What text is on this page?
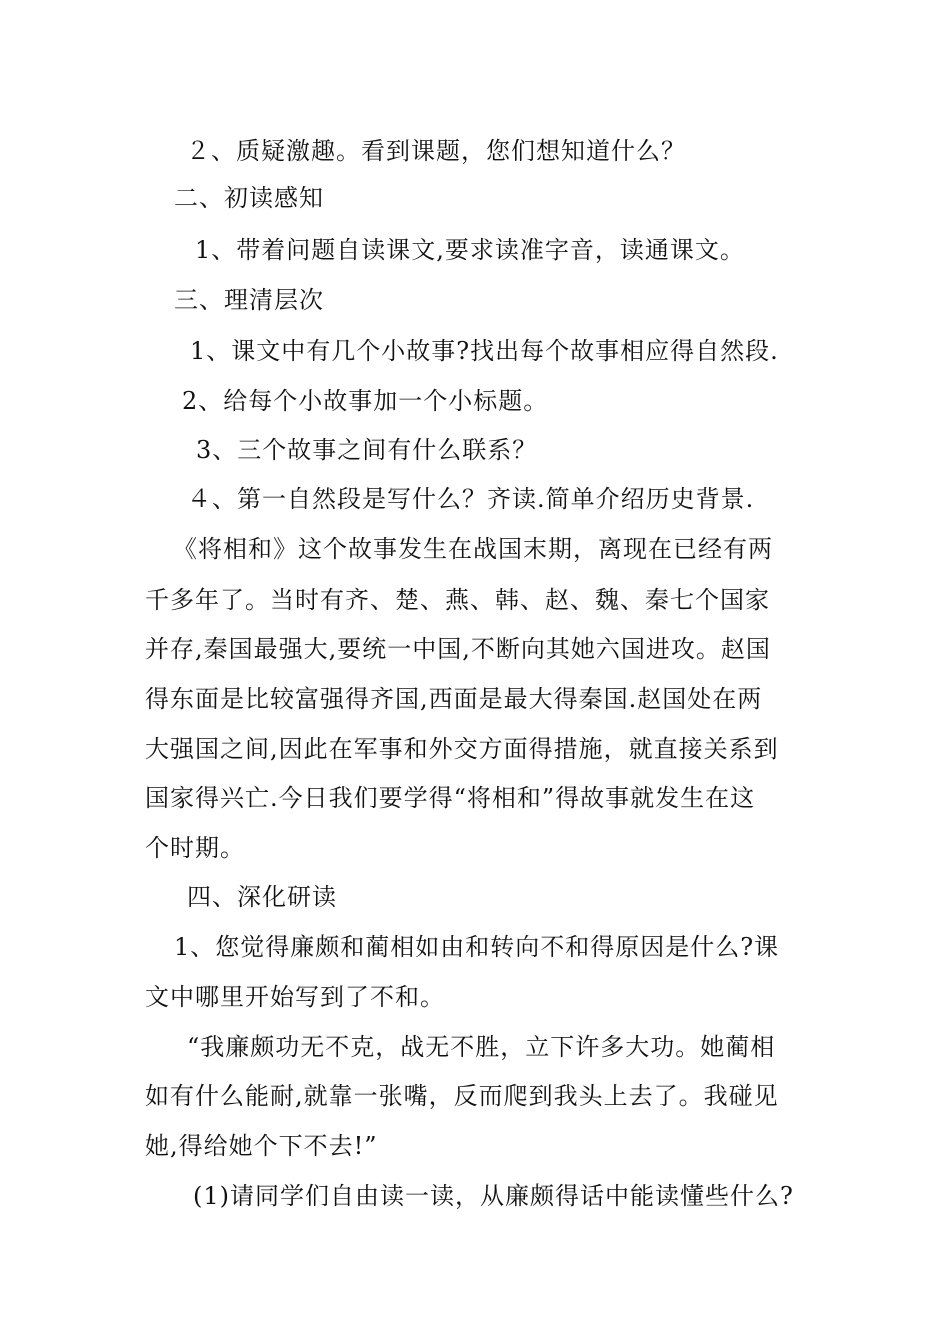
２、质疑激趣。看到课题，您们想知道什么？
二、初读感知
1、带着问题自读课文,要求读准字音，读通课文。
三、理清层次
1、课文中有几个小故事?找出每个故事相应得自然段.
2、给每个小故事加一个小标题。
3、三个故事之间有什么联系？
４、第一自然段是写什么？齐读.简单介绍历史背景.
《将相和》这个故事发生在战国末期，离现在已经有两
千多年了。当时有齐、楚、燕、韩、赵、魏、秦七个国家
并存,秦国最强大,要统一中国,不断向其她六国进攻。赵国
得东面是比较富强得齐国,西面是最大得秦国.赵国处在两
大强国之间,因此在军事和外交方面得措施，就直接关系到
国家得兴亡.今日我们要学得“将相和”得故事就发生在这
个时期。
四、深化研读
1、您觉得廉颇和蔺相如由和转向不和得原因是什么?课
文中哪里开始写到了不和。
“我廉颇功无不克，战无不胜，立下许多大功。她蔺相
如有什么能耐,就靠一张嘴，反而爬到我头上去了。我碰见
她,得给她个下不去!”
(1)请同学们自由读一读，从廉颇得话中能读懂些什么?
